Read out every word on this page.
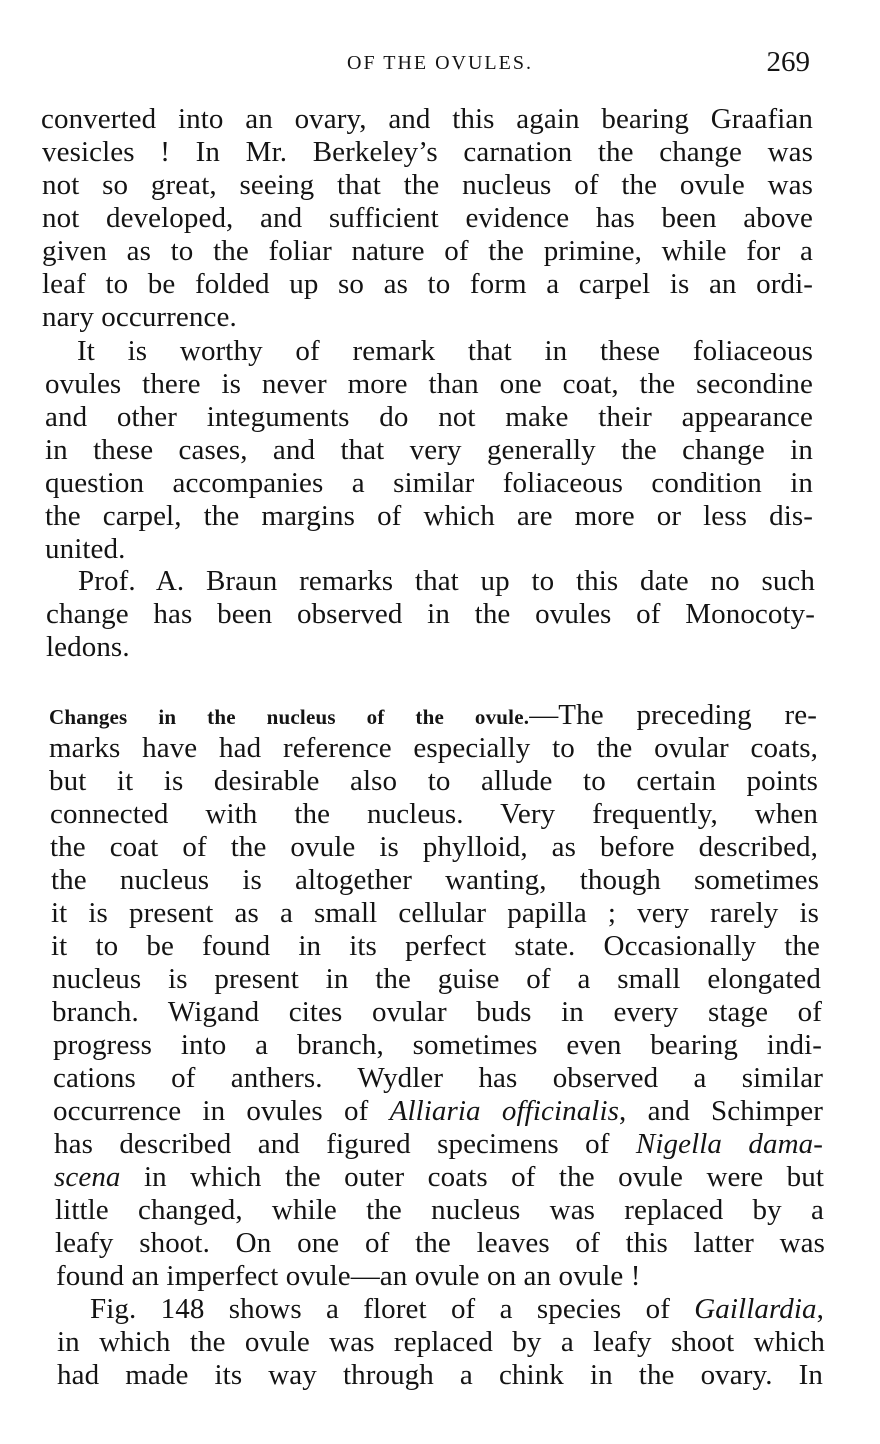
OF THE OVULES.	269
converted into an ovary, and this again bearing Graafian
vesicles ! In Mr. Berkeley’s carnation the change was
not so great, seeing that the nucleus of the ovule was
not developed, and sufficient evidence has been above
given as to the foliar nature of the primine, while for a
leaf to be folded up so as to form a carpel is an ordi-
nary occurrence.
It is worthy of remark that in these foliaceous
ovules there is never more than one coat, the secondine
and other integuments do not make their appearance
in these cases, and that very generally the change in
question accompanies a similar foliaceous condition in
the carpel, the margins of which are more or less dis-
united.
Prof. A. Braun remarks that up to this date no such
change has been observed in the ovules of Monocoty-
ledons.
Changes in the nucleus of the ovule.—The preceding re-
marks have had reference especially to the ovular coats,
but it is desirable also to allude to certain points
connected with the nucleus. Very frequently, when
the coat of the ovule is phylloid, as before described,
the nucleus is altogether wanting, though sometimes
it is present as a small cellular papilla ; very rarely is
it to be found in its perfect state. Occasionally the
nucleus is present in the guise of a small elongated
branch. Wigand cites ovular buds in every stage of
progress into a branch, sometimes even bearing indi-
cations of anthers. Wydler has observed a similar
occurrence in ovules of Alliaria officinalis, and Schimper
has described and figured specimens of Nigella dama-
scena in which the outer coats of the ovule were but
little changed, while the nucleus was replaced by a
leafy shoot. On one of the leaves of this latter was
found an imperfect ovule—an ovule on an ovule !
Fig. 148 shows a floret of a species of Gaillardia,
in which the ovule was replaced by a leafy shoot which
had made its way through a chink in the ovary. In
